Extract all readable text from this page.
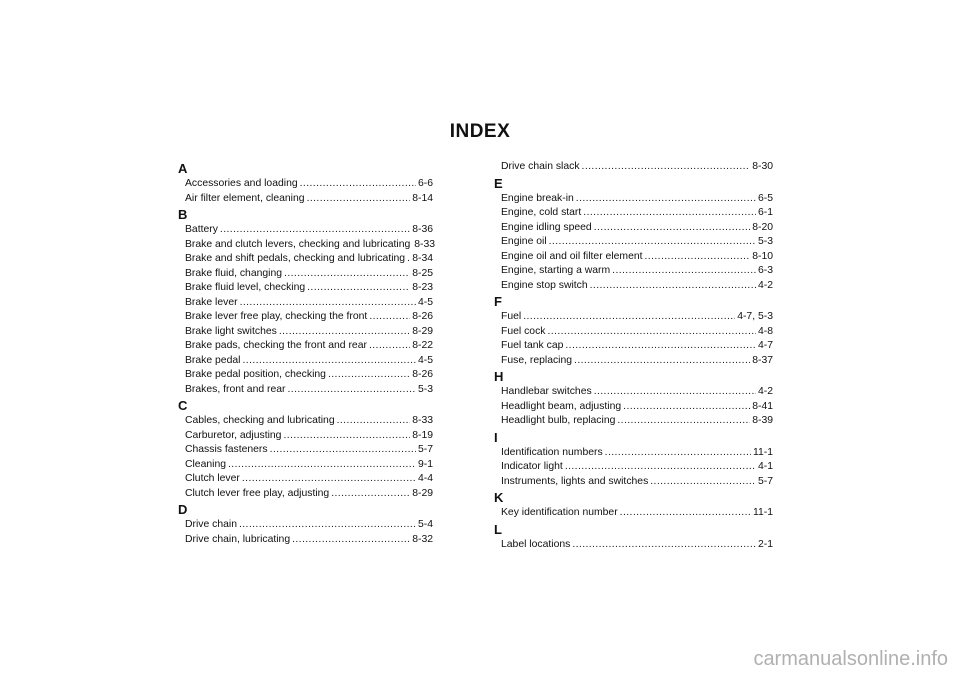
INDEX
A
Accessories and loading .....	6-6
Air filter element, cleaning .....	8-14
B
Battery .....	8-36
Brake and clutch levers, checking and lubricating 8-33
Brake and shift pedals, checking and lubricating ..... 8-34
Brake fluid, changing .....	8-25
Brake fluid level, checking .....	8-23
Brake lever .....	4-5
Brake lever free play, checking the front .....	8-26
Brake light switches .....	8-29
Brake pads, checking the front and rear .....	8-22
Brake pedal .....	4-5
Brake pedal position, checking .....	8-26
Brakes, front and rear .....	5-3
C
Cables, checking and lubricating .....	8-33
Carburetor, adjusting .....	8-19
Chassis fasteners .....	5-7
Cleaning .....	9-1
Clutch lever .....	4-4
Clutch lever free play, adjusting .....	8-29
D
Drive chain .....	5-4
Drive chain, lubricating .....	8-32
Drive chain slack .....	8-30
E
Engine break-in .....	6-5
Engine, cold start .....	6-1
Engine idling speed .....	8-20
Engine oil .....	5-3
Engine oil and oil filter element .....	8-10
Engine, starting a warm .....	6-3
Engine stop switch .....	4-2
F
Fuel .....	4-7, 5-3
Fuel cock .....	4-8
Fuel tank cap .....	4-7
Fuse, replacing .....	8-37
H
Handlebar switches .....	4-2
Headlight beam, adjusting .....	8-41
Headlight bulb, replacing .....	8-39
I
Identification numbers .....	11-1
Indicator light .....	4-1
Instruments, lights and switches .....	5-7
K
Key identification number .....	11-1
L
Label locations .....	2-1
carmanualsonline.info
